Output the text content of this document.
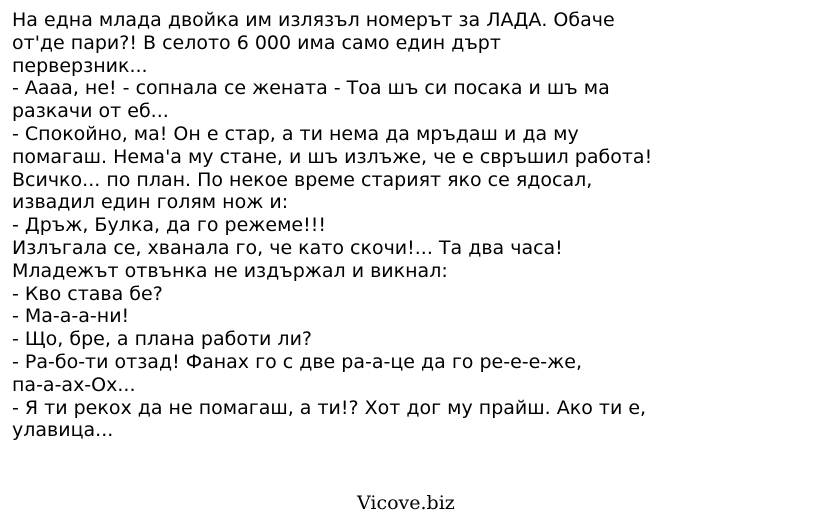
На една млада двойка им излязъл номерът за ЛАДА. Обаче
от'де пари?! В селото 6 000 има само един дърт
перверзник...
- Аааа, не! - сопнала се жената - Тоа шъ си посака и шъ ма
разкачи от еб...
- Спокойно, ма! Он е стар, а ти нема да мръдаш и да му
помагаш. Нема'а му стане, и шъ излъже, че е свръшил работа!
Всичко... по план. По некое време старият яко се ядосал,
извадил един голям нож и:
- Дръж, Булка, да го режеме!!!
Излъгала се, хванала го, че като скочи!... Та два часа!
Младежът отвънка не издържал и викнал:
- Кво става бе?
- Ма-а-а-ни!
- Що, бре, а плана работи ли?
- Ра-бо-ти отзад! Фанах го с две ра-а-це да го ре-е-е-же,
па-а-ах-Ох...
- Я ти рекох да не помагаш, а ти!? Хот дог му прайш. Ако ти е,
улавица...
Vicove.biz
